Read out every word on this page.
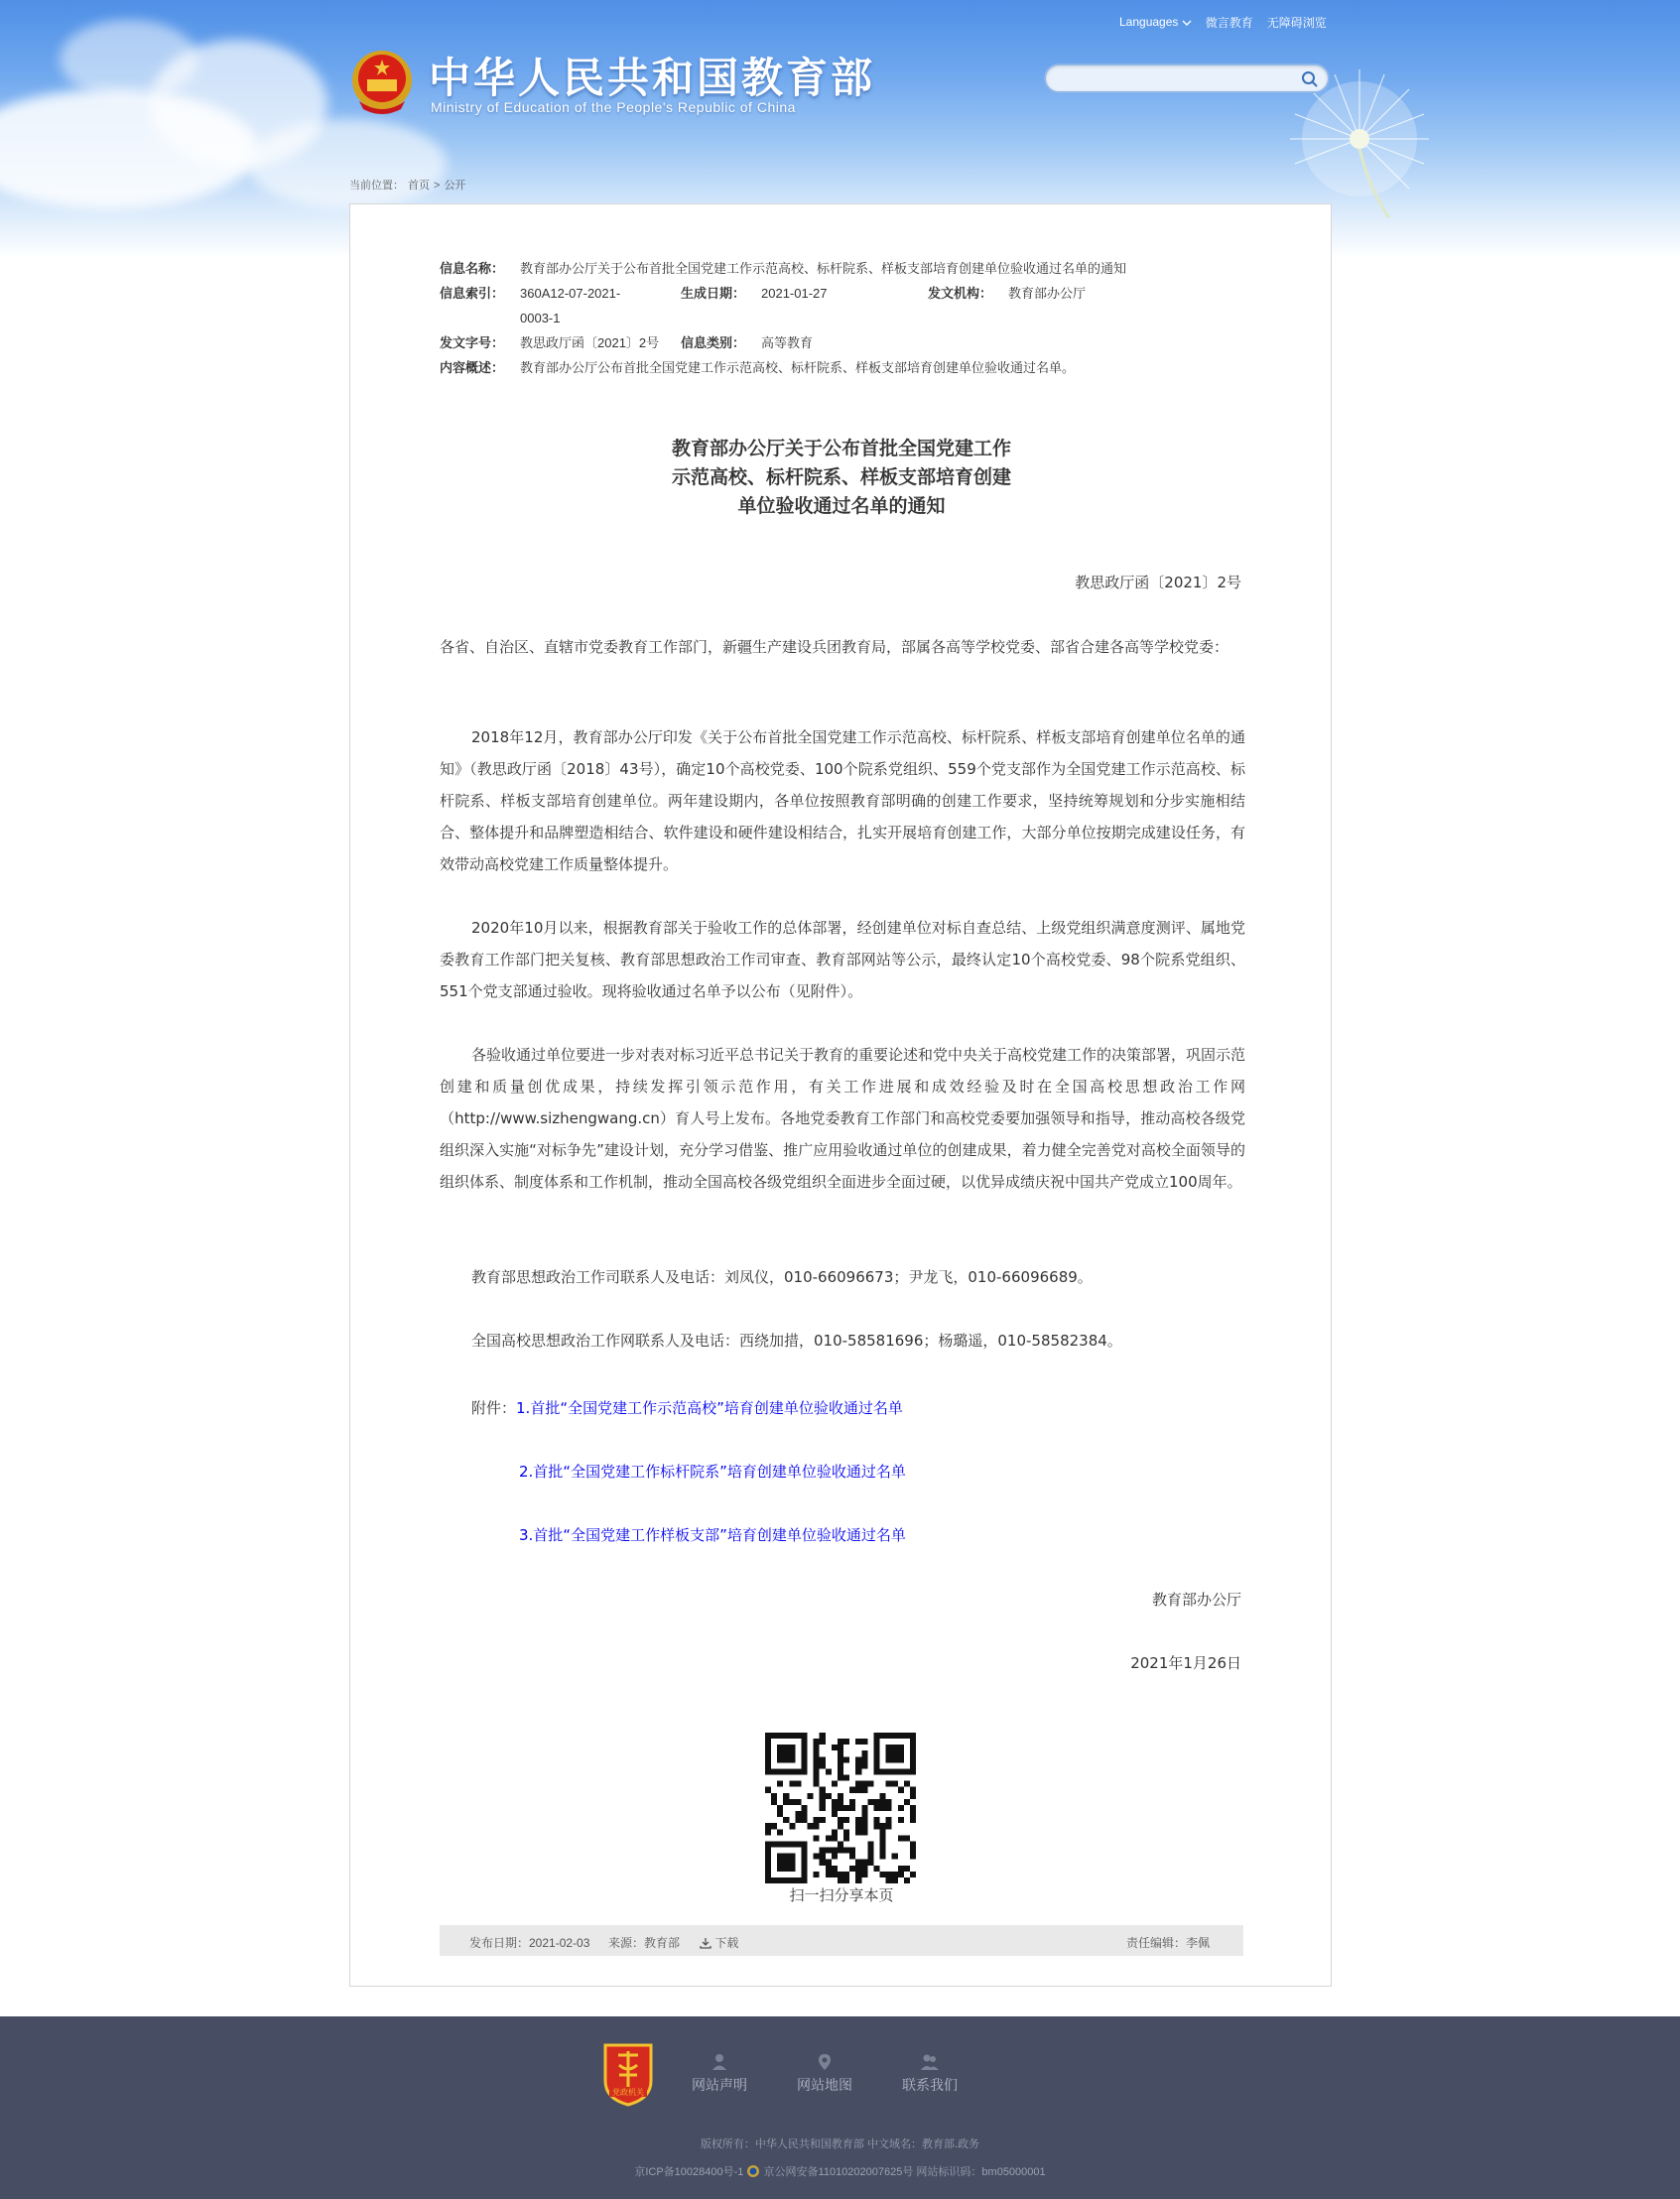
中华人民共和国教育部
Ministry of Education of the People's Republic of China
Languages	微言教育 无障碍浏览
当前位置： 首页 > 公开
信息名称： 教育部办公厅关于公布首批全国党建工作示范高校、标杆院系、样板支部培育创建单位验收通过名单的通知
信息索引： 360A12-07-2021-
0003-1
生成日期： 2021-01-27	发文机构： 教育部办公厅
发文字号： 教思政厅函〔2021〕2号 信息类别： 高等教育
内容概述： 教育部办公厅公布首批全国党建工作示范高校、标杆院系、样板支部培育创建单位验收通过名单。
教育部办公厅关于公布首批全国党建工作
示范高校、标杆院系、样板支部培育创建
单位验收通过名单的通知
教思政厅函〔2021〕2号
各省、自治区、直辖市党委教育工作部门，新疆生产建设兵团教育局，部属各高等学校党委、部省合建各高等学校党委：
2018年12月，教育部办公厅印发《关于公布首批全国党建工作示范高校、标杆院系、样板支部培育创建单位名单的通知》（教思政厅函〔2018〕43号），确定10个高校党委、100个院系党组织、559个党支部作为全国党建工作示范高校、标杆院系、样板支部培育创建单位。两年建设期内，各单位按照教育部明确的创建工作要求，坚持统筹规划和分步实施相结合、整体提升和品牌塑造相结合、软件建设和硬件建设相结合，扎实开展培育创建工作，大部分单位按期完成建设任务，有效带动高校党建工作质量整体提升。
2020年10月以来，根据教育部关于验收工作的总体部署，经创建单位对标自查总结、上级党组织满意度测评、属地党委教育工作部门把关复核、教育部思想政治工作司审查、教育部网站等公示，最终认定10个高校党委、98个院系党组织、551个党支部通过验收。现将验收通过名单予以公布（见附件）。
各验收通过单位要进一步对表对标习近平总书记关于教育的重要论述和党中央关于高校党建工作的决策部署，巩固示范创建和质量创优成果，持续发挥引领示范作用，有关工作进展和成效经验及时在全国高校思想政治工作网（http://www.sizhengwang.cn）育人号上发布。各地党委教育工作部门和高校党委要加强领导和指导，推动高校各级党组织深入实施“对标争先”建设计划，充分学习借鉴、推广应用验收通过单位的创建成果，着力健全完善党对高校全面领导的组织体系、制度体系和工作机制，推动全国高校各级党组织全面进步全面过硬，以优异成绩庆祝中国共产党成立100周年。
教育部思想政治工作司联系人及电话：刘凤仪，010-66096673；尹龙飞，010-66096689。
全国高校思想政治工作网联系人及电话：西绕加措，010-58581696；杨璐遥，010-58582384。
附件：1.首批“全国党建工作示范高校”培育创建单位验收通过名单
2.首批“全国党建工作标杆院系”培育创建单位验收通过名单
3.首批“全国党建工作样板支部”培育创建单位验收通过名单
教育部办公厅
2021年1月26日
扫一扫分享本页
发布日期：2021-02-03 来源：教育部	下载	责任编辑：李佩
党政机关	网站声明	网站地图	联系我们
版权所有：中华人民共和国教育部 中文域名：教育部.政务
京ICP备10028400号-1 京公网安备11010202007625号 网站标识码：bm05000001
